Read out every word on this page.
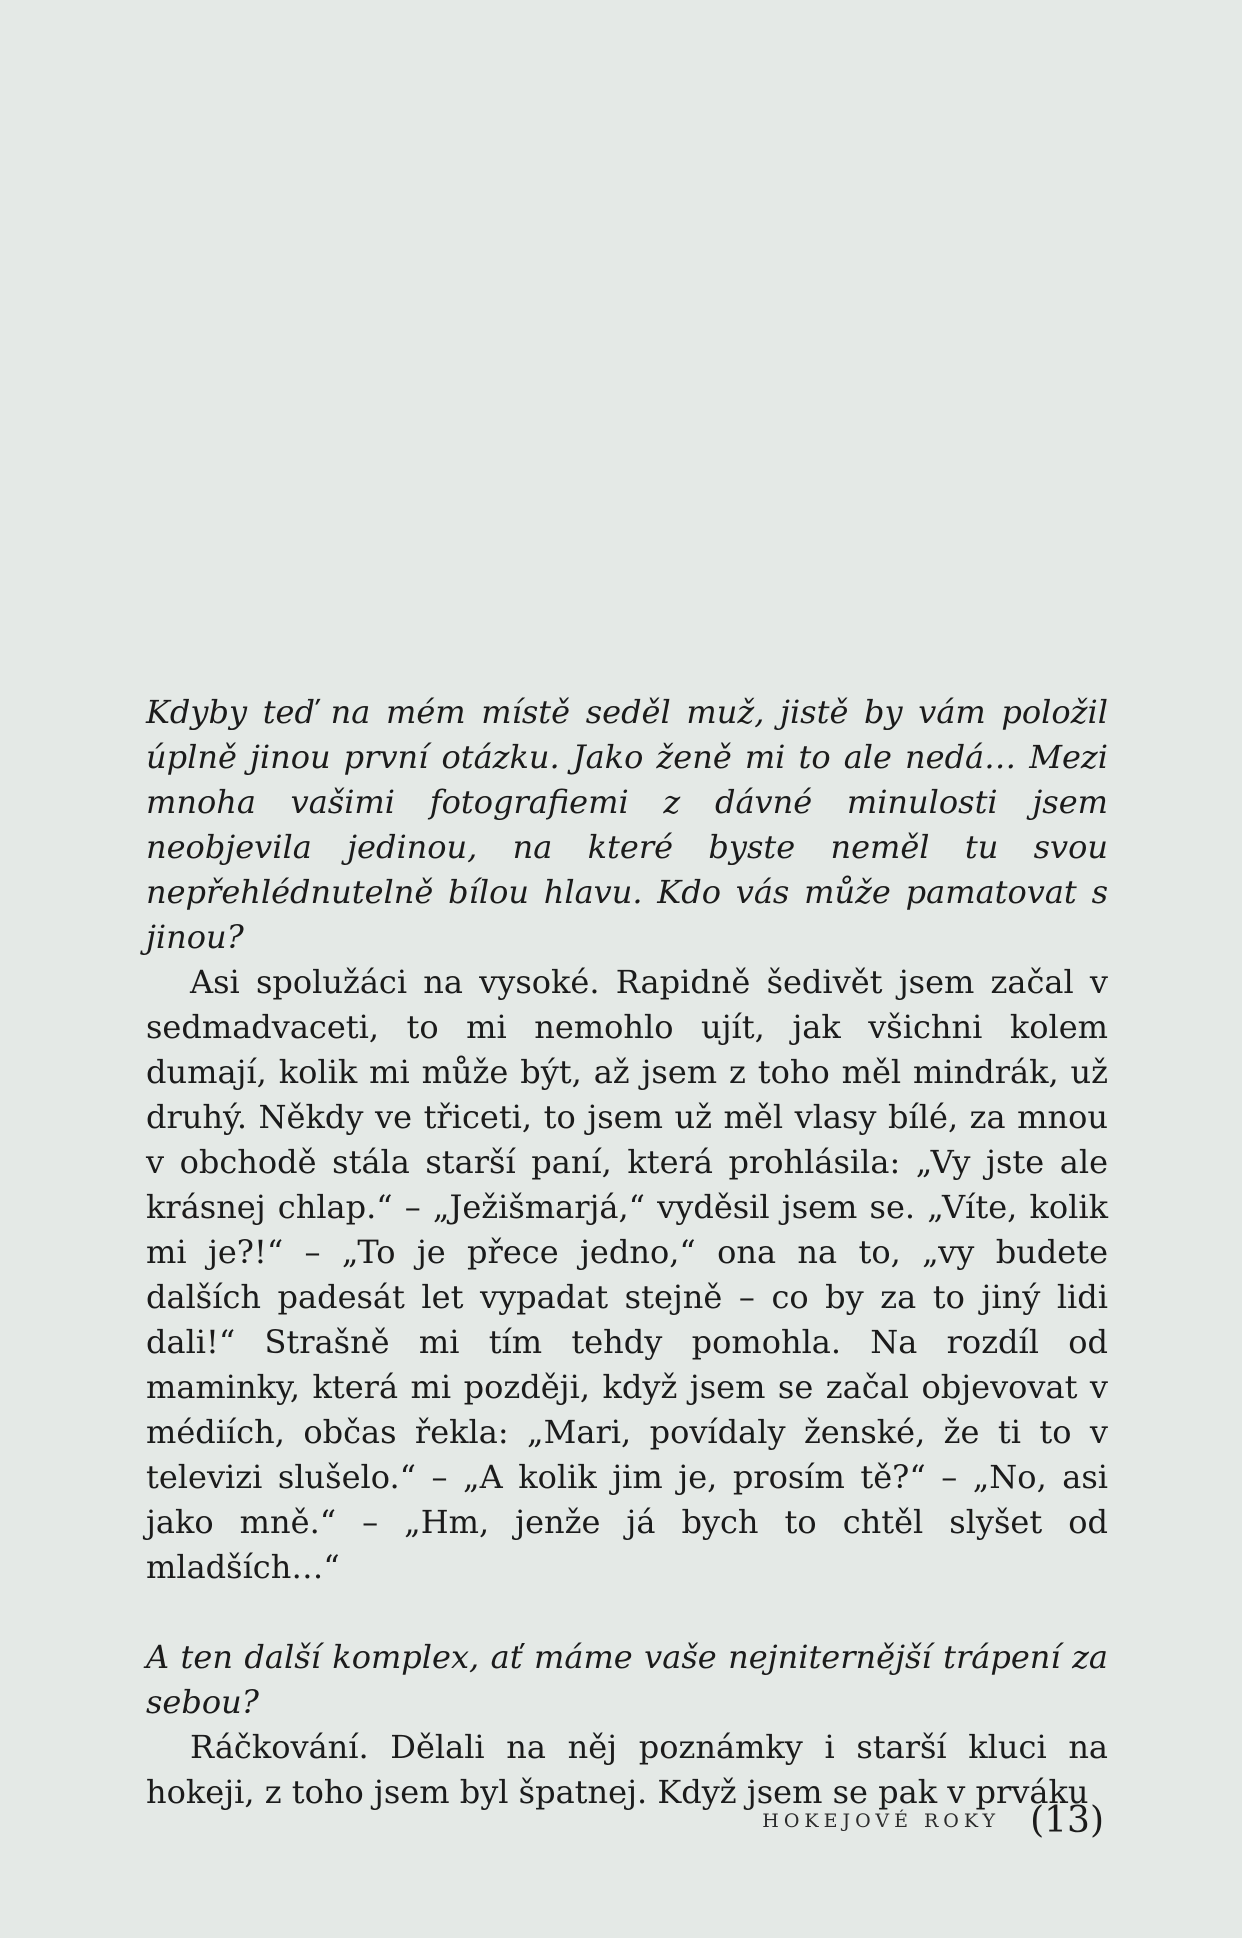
Kdyby teď na mém místě seděl muž, jistě by vám položil úplně jinou první otázku. Jako ženě mi to ale nedá… Mezi mnoha vašimi fotografiemi z dávné minulosti jsem neobjevila jedinou, na které byste neměl tu svou nepřehlédnutelně bílou hlavu. Kdo vás může pamatovat s jinou?

Asi spolužáci na vysoké. Rapidně šedivět jsem začal v sedmadvaceti, to mi nemohlo ujít, jak všichni kolem dumají, kolik mi může být, až jsem z toho měl mindrák, už druhý. Někdy ve třiceti, to jsem už měl vlasy bílé, za mnou v obchodě stála starší paní, která prohlásila: „Vy jste ale krásnej chlap.“ – „Ježišmarjá,“ vyděsil jsem se. „Víte, kolik mi je?!“ – „To je přece jedno,“ ona na to, „vy budete dalších padesát let vypadat stejně – co by za to jiný lidi dali!“ Strašně mi tím tehdy pomohla. Na rozdíl od maminky, která mi později, když jsem se začal objevovat v médiích, občas řekla: „Mari, povídaly ženské, že ti to v televizi slušelo.“ – „A kolik jim je, prosím tě?“ – „No, asi jako mně.“ – „Hm, jenže já bych to chtěl slyšet od mladších…“

A ten další komplex, ať máme vaše nejniternější trápení za sebou?

Ráčkování. Dělali na něj poznámky i starší kluci na hokeji, z toho jsem byl špatnej. Když jsem se pak v prváku

HOKEJOVÉ ROKY (13)
